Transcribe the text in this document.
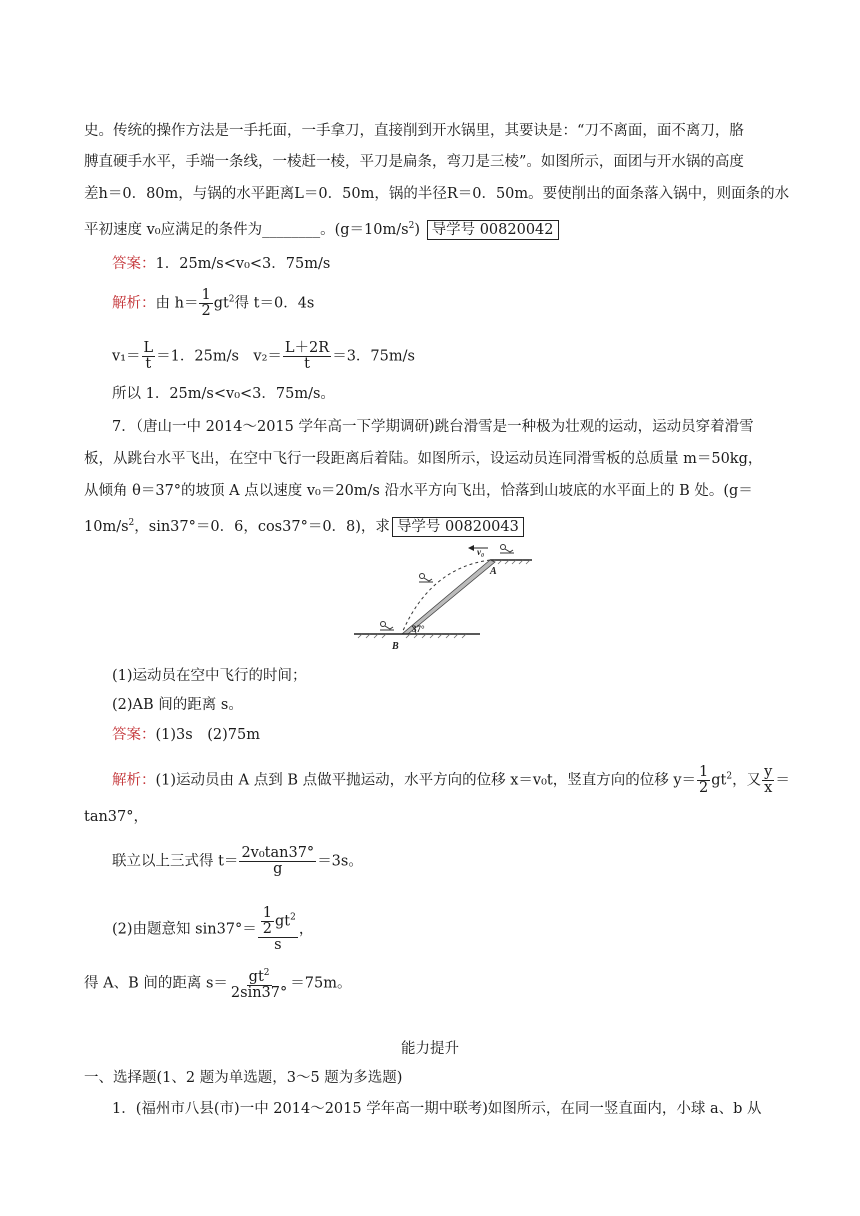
史。传统的操作方法是一手托面，一手拿刀，直接削到开水锅里，其要诀是：“刀不离面，面不离刀，胳
膊直硬手水平，手端一条线，一棱赶一棱，平刀是扁条，弯刀是三棱”。如图所示，面团与开水锅的高度
差h＝0．80m，与锅的水平距离L＝0．50m，锅的半径R＝0．50m。要使削出的面条落入锅中，则面条的水
平初速度 v₀应满足的条件为________。$(g=10m/s^2)$ 导学号 00820042
答案：1．25m/s<v₀<3．75m/s
解析：由 $h= \frac{1}{2} gt^2$得 t＝0．4s
$v_1= \frac{L}{t} =1$．25m/s　$v_2= \frac{L+2R}{t} =3$．75m/s
所以 1．25m/s<v₀<3．75m/s。
7．（唐山一中 2014～2015 学年高一下学期调研)跳台滑雪是一种极为壮观的运动，运动员穿着滑雪
板，从跳台水平飞出，在空中飞行一段距离后着陆。如图所示，设运动员连同滑雪板的总质量 m＝50kg，
从倾角 θ＝37°的坡顶 A 点以速度 v₀＝20m/s 沿水平方向飞出，恰落到山坡底的水平面上的 B 处。(g＝
$10m/s^2$，sin37°＝0．6，cos37°＝0．8)，求 导学号 00820043
v₀
A
B
37°
(1)运动员在空中飞行的时间；
(2)AB 间的距离 s。
答案：(1)3s　(2)75m
解析：(1)运动员由 A 点到 B 点做平抛运动，水平方向的位移 x＝v₀t，竖直方向的位移 $y= \frac{1}{2} gt^2$，又 $\frac{y}{x}$ ＝
tan37°，
联立以上三式得 $t= \frac{\text{2v₀tan37°}}{g} =3s$。
(2)由题意知 $\sin 37^\circ= \frac{\frac{1}{2} gt^2}{s}$ ，
得 A、B 间的距离 $s= \frac{gt^2}{2\sin 37^\circ} =75m$。
能力提升
一、选择题(1、2 题为单选题，3～5 题为多选题)
1．(福州市八县(市)一中 2014～2015 学年高一期中联考)如图所示，在同一竖直面内，小球 a、b 从
